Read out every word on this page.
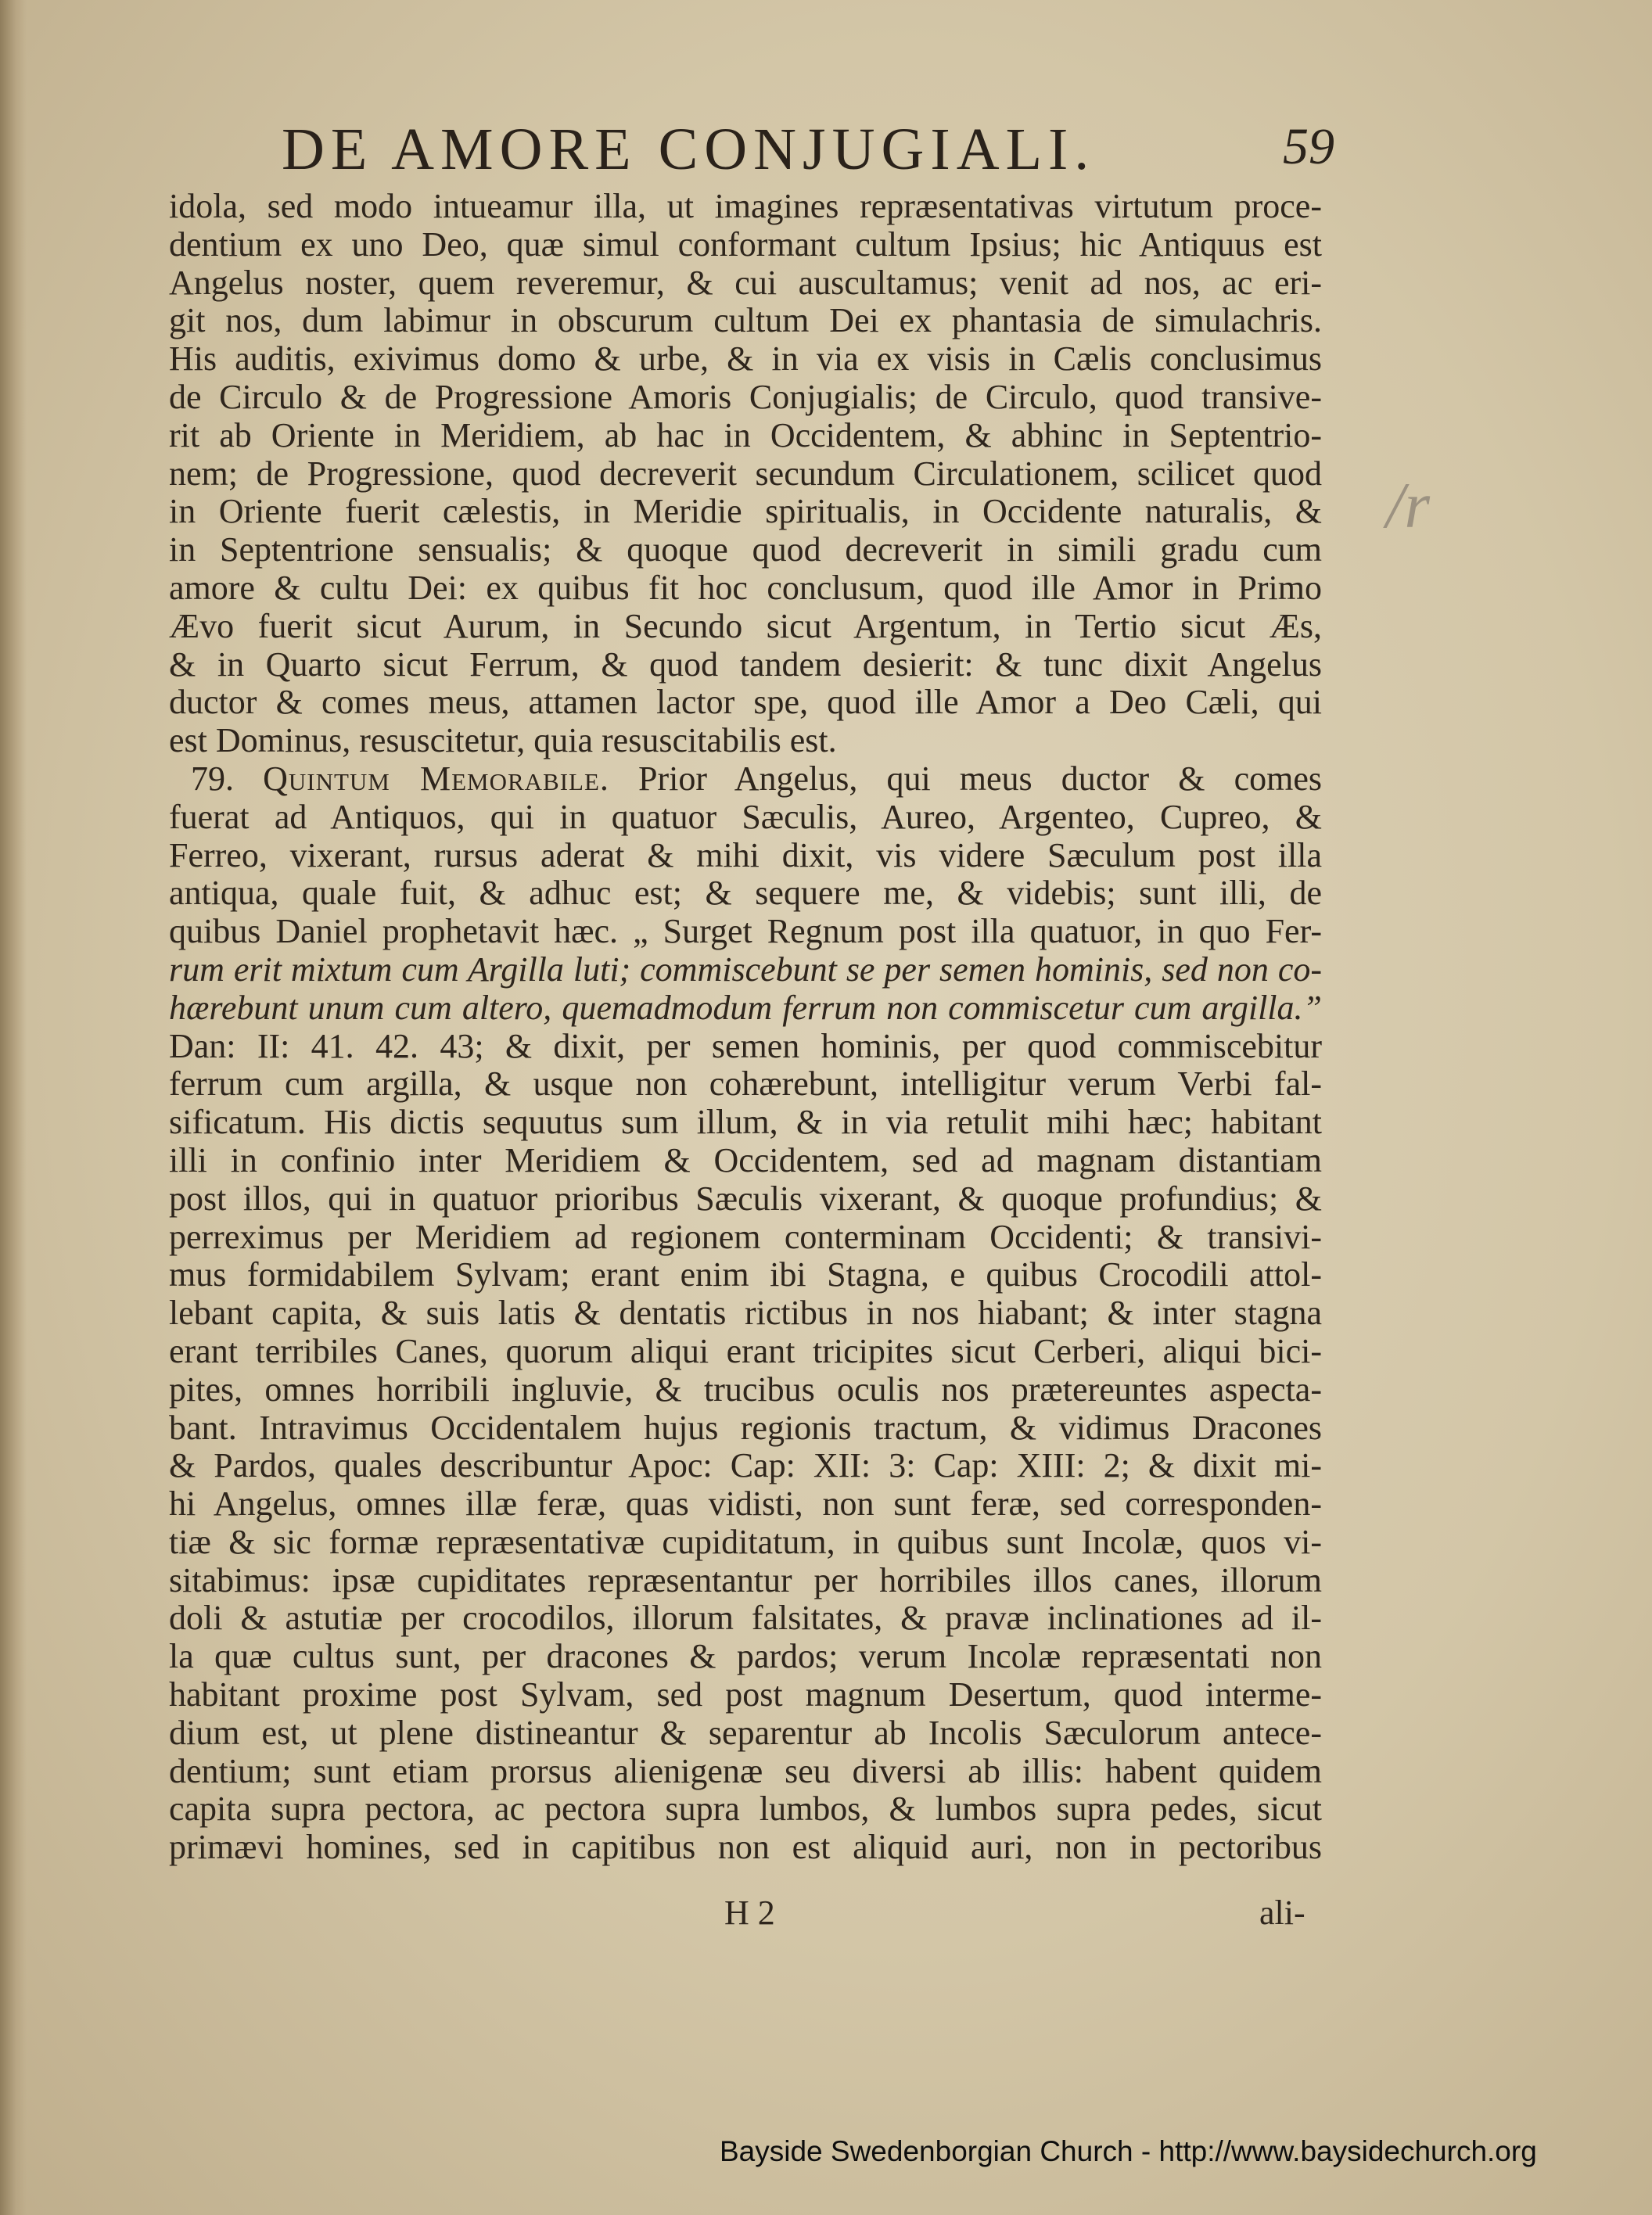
DE AMORE CONJUGIALI.	59
idola, sed modo intueamur illa, ut imagines repræsentativas virtutum proce-
dentium ex uno Deo, quæ simul conformant cultum Ipsius; hic Antiquus est
Angelus noster, quem reveremur, & cui auscultamus; venit ad nos, ac eri-
git nos, dum labimur in obscurum cultum Dei ex phantasia de simulachris.
His auditis, exivimus domo & urbe, & in via ex visis in Cælis conclusimus
de Circulo & de Progressione Amoris Conjugialis; de Circulo, quod transive-
rit ab Oriente in Meridiem, ab hac in Occidentem, & abhinc in Septentrio-
nem; de Progressione, quod decreverit secundum Circulationem, scilicet quod
in Oriente fuerit cælestis, in Meridie spiritualis, in Occidente naturalis, &
in Septentrione sensualis; & quoque quod decreverit in simili gradu cum
amore & cultu Dei: ex quibus fit hoc conclusum, quod ille Amor in Primo
Ævo fuerit sicut Aurum, in Secundo sicut Argentum, in Tertio sicut Æs,
& in Quarto sicut Ferrum, & quod tandem desierit: & tunc dixit Angelus
ductor & comes meus, attamen lactor spe, quod ille Amor a Deo Cæli, qui
est Dominus, resuscitetur, quia resuscitabilis est.
79. Quintum Memorabile. Prior Angelus, qui meus ductor & comes
fuerat ad Antiquos, qui in quatuor Sæculis, Aureo, Argenteo, Cupreo, &
Ferreo, vixerant, rursus aderat & mihi dixit, vis videre Sæculum post illa
antiqua, quale fuit, & adhuc est; & sequere me, & videbis; sunt illi, de
quibus Daniel prophetavit hæc. „ Surget Regnum post illa quatuor, in quo Fer-
rum erit mixtum cum Argilla luti; commiscebunt se per semen hominis, sed non co-
hærebunt unum cum altero, quemadmodum ferrum non commiscetur cum argilla.”
Dan: II: 41. 42. 43; & dixit, per semen hominis, per quod commiscebitur
ferrum cum argilla, & usque non cohærebunt, intelligitur verum Verbi fal-
sificatum. His dictis sequutus sum illum, & in via retulit mihi hæc; habitant
illi in confinio inter Meridiem & Occidentem, sed ad magnam distantiam
post illos, qui in quatuor prioribus Sæculis vixerant, & quoque profundius; &
perreximus per Meridiem ad regionem conterminam Occidenti; & transivi-
mus formidabilem Sylvam; erant enim ibi Stagna, e quibus Crocodili attol-
lebant capita, & suis latis & dentatis rictibus in nos hiabant; & inter stagna
erant terribiles Canes, quorum aliqui erant tricipites sicut Cerberi, aliqui bici-
pites, omnes horribili ingluvie, & trucibus oculis nos prætereuntes aspecta-
bant. Intravimus Occidentalem hujus regionis tractum, & vidimus Dracones
& Pardos, quales describuntur Apoc: Cap: XII: 3: Cap: XIII: 2; & dixit mi-
hi Angelus, omnes illæ feræ, quas vidisti, non sunt feræ, sed corresponden-
tiæ & sic formæ repræsentativæ cupiditatum, in quibus sunt Incolæ, quos vi-
sitabimus: ipsæ cupiditates repræsentantur per horribiles illos canes, illorum
doli & astutiæ per crocodilos, illorum falsitates, & pravæ inclinationes ad il-
la quæ cultus sunt, per dracones & pardos; verum Incolæ repræsentati non
habitant proxime post Sylvam, sed post magnum Desertum, quod interme-
dium est, ut plene distineantur & separentur ab Incolis Sæculorum antece-
dentium; sunt etiam prorsus alienigenæ seu diversi ab illis: habent quidem
capita supra pectora, ac pectora supra lumbos, & lumbos supra pedes, sicut
primævi homines, sed in capitibus non est aliquid auri, non in pectoribus
H 2	ali-
/r
Bayside Swedenborgian Church - http://www.baysidechurch.org
